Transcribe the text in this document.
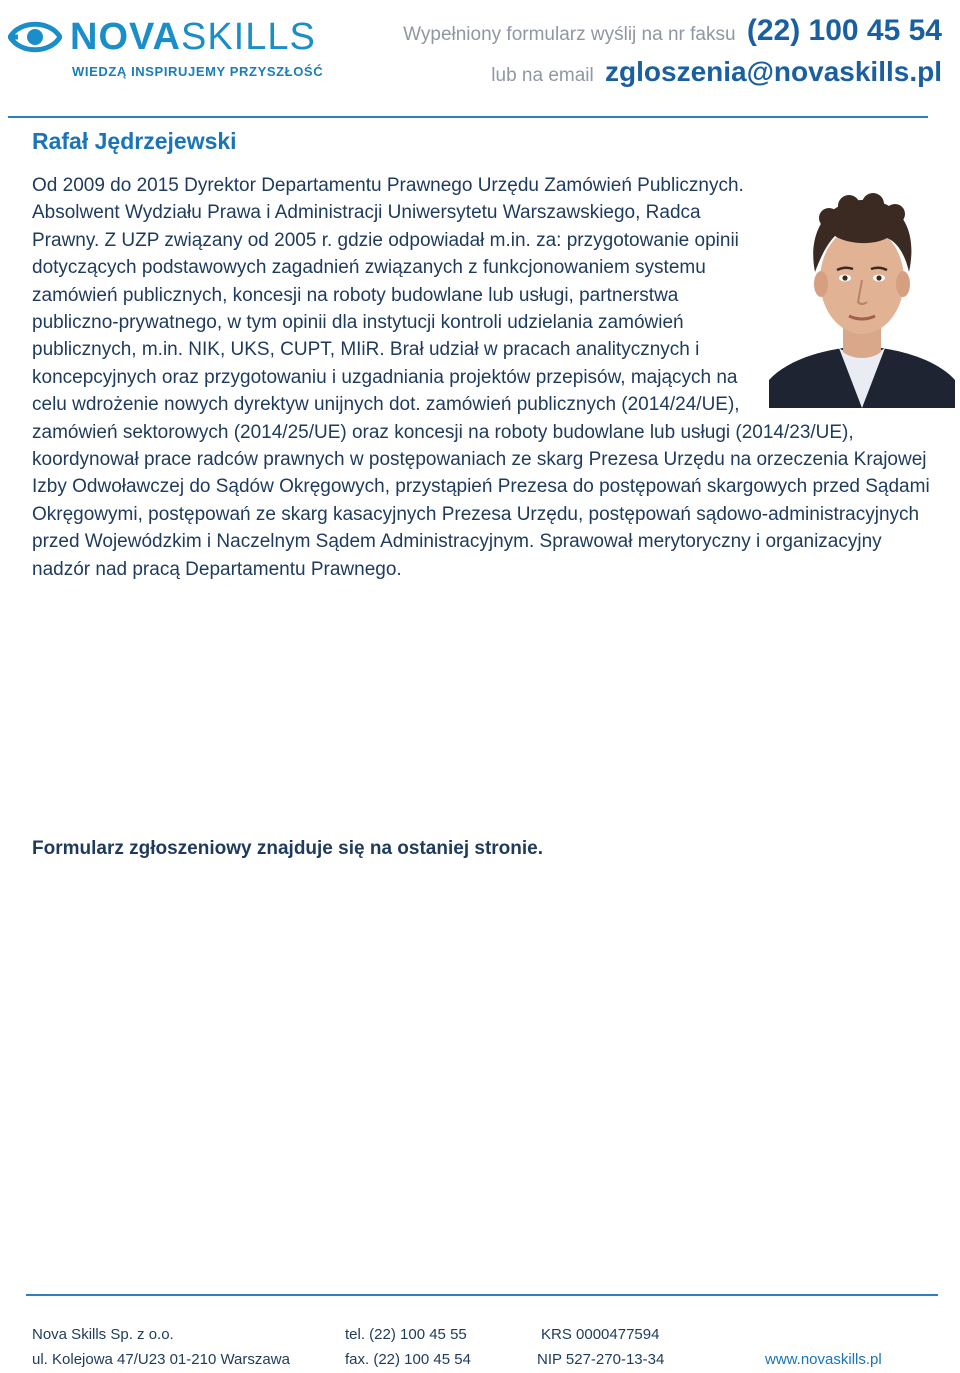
NOVASKILLS
WIEDZĄ INSPIRUJEMY PRZYSZŁOŚĆ
Wypełniony formularz wyślij na nr faksu (22) 100 45 54
lub na email zgloszenia@novaskills.pl
Rafał Jędrzejewski

Od 2009 do 2015 Dyrektor Departamentu Prawnego Urzędu Zamówień Publicznych. Absolwent Wydziału Prawa i Administracji Uniwersytetu Warszawskiego, Radca Prawny. Z UZP związany od 2005 r. gdzie odpowiadał m.in. za: przygotowanie opinii dotyczących podstawowych zagadnień związanych z funkcjonowaniem systemu zamówień publicznych, koncesji na roboty budowlane lub usługi, partnerstwa publiczno-prywatnego, w tym opinii dla instytucji kontroli udzielania zamówień publicznych, m.in. NIK, UKS, CUPT, MIiR. Brał udział w pracach analitycznych i koncepcyjnych oraz przygotowaniu i uzgadniania projektów przepisów, mających na celu wdrożenie nowych dyrektyw unijnych dot. zamówień publicznych (2014/24/UE), zamówień sektorowych (2014/25/UE) oraz koncesji na roboty budowlane lub usługi (2014/23/UE), koordynował prace radców prawnych w postępowaniach ze skarg Prezesa Urzędu na orzeczenia Krajowej Izby Odwoławczej do Sądów Okręgowych, przystąpień Prezesa do postępowań skargowych przed Sądami Okręgowymi, postępowań ze skarg kasacyjnych Prezesa Urzędu, postępowań sądowo-administracyjnych przed Wojewódzkim i Naczelnym Sądem Administracyjnym. Sprawował merytoryczny i organizacyjny nadzór nad pracą Departamentu Prawnego.

Formularz zgłoszeniowy znajduje się na ostaniej stronie.
Nova Skills Sp. z o.o.
ul. Kolejowa 47/U23 01-210 Warszawa
tel. (22) 100 45 55
fax. (22) 100 45 54
KRS 0000477594
NIP 527-270-13-34	www.novaskills.pl
